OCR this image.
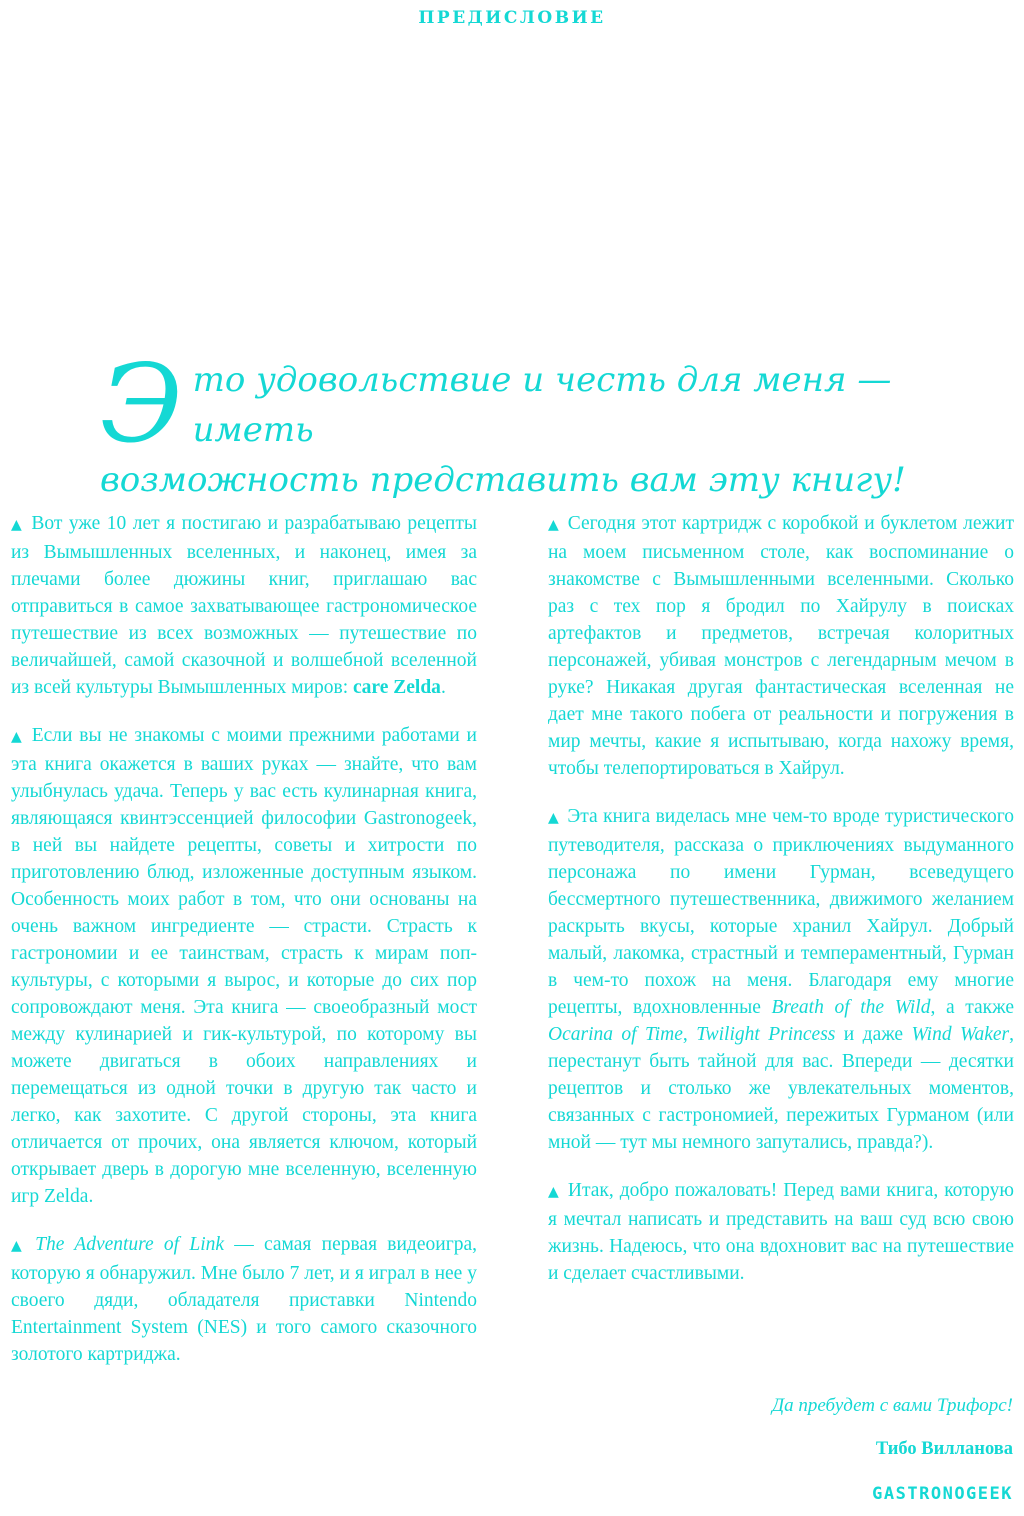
ПРЕДИСЛОВИЕ
Э то удовольствие и честь для меня — иметь
возможность представить вам эту книгу!

▲ Вот уже 10 лет я постигаю и разрабатываю рецепты из Вымышленных вселенных, и наконец, имея за плечами более дюжины книг, приглашаю вас отправиться в самое захватывающее гастрономическое путешествие из всех возможных — путешествие по величайшей, самой сказочной и волшебной вселенной из всей культуры Вымышленных миров: care Zelda.

▲ Если вы не знакомы с моими прежними работами и эта книга окажется в ваших руках — знайте, что вам улыбнулась удача. Теперь у вас есть кулинарная книга, являющаяся квинтэссенцией философии Gastronogeek, в ней вы найдете рецепты, советы и хитрости по приготовлению блюд, изложенные доступным языком. Особенность моих работ в том, что они основаны на очень важном ингредиенте — страсти. Страсть к гастрономии и ее таинствам, страсть к мирам поп-культуры, с которыми я вырос, и которые до сих пор сопровождают меня. Эта книга — своеобразный мост между кулинарией и гик-культурой, по которому вы можете двигаться в обоих направлениях и перемещаться из одной точки в другую так часто и легко, как захотите. С другой стороны, эта книга отличается от прочих, она является ключом, который открывает дверь в дорогую мне вселенную, вселенную игр Zelda.

▲ The Adventure of Link — самая первая видеоигра, которую я обнаружил. Мне было 7 лет, и я играл в нее у своего дяди, обладателя приставки Nintendo Entertainment System (NES) и того самого сказочного золотого картриджа.

▲ Сегодня этот картридж с коробкой и буклетом лежит на моем письменном столе, как воспоминание о знакомстве с Вымышленными вселенными. Сколько раз с тех пор я бродил по Хайрулу в поисках артефактов и предметов, встречая колоритных персонажей, убивая монстров с легендарным мечом в руке? Никакая другая фантастическая вселенная не дает мне такого побега от реальности и погружения в мир мечты, какие я испытываю, когда нахожу время, чтобы телепортироваться в Хайрул.

▲ Эта книга виделась мне чем-то вроде туристического путеводителя, рассказа о приключениях выдуманного персонажа по имени Гурман, всеведущего бессмертного путешественника, движимого желанием раскрыть вкусы, которые хранил Хайрул. Добрый малый, лакомка, страстный и темпераментный, Гурман в чем-то похож на меня. Благодаря ему многие рецепты, вдохновленные Breath of the Wild, а также Ocarina of Time, Twilight Princess и даже Wind Waker, перестанут быть тайной для вас. Впереди — десятки рецептов и столько же увлекательных моментов, связанных с гастрономией, пережитых Гурманом (или мной — тут мы немного запутались, правда?).

▲ Итак, добро пожаловать! Перед вами книга, которую я мечтал написать и представить на ваш суд всю свою жизнь. Надеюсь, что она вдохновит вас на путешествие и сделает счастливыми.

Да пребудет с вами Трифорс!

Тибо Вилланова

GASTRONOGEEK
